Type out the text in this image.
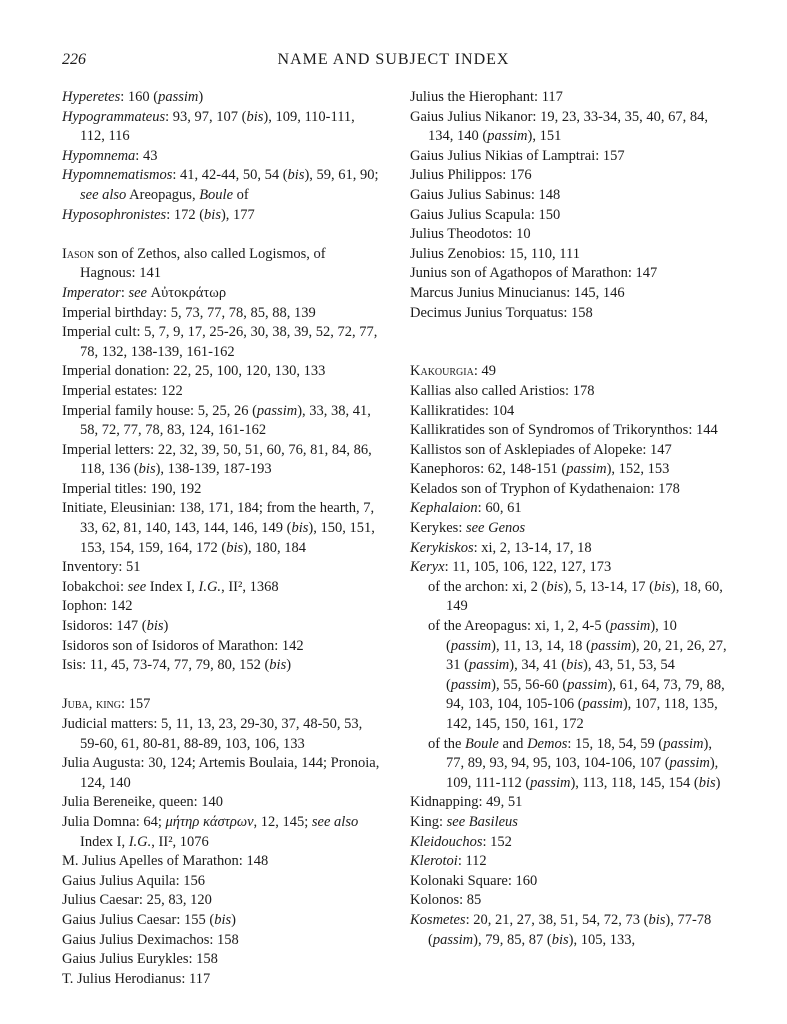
226	NAME AND SUBJECT INDEX
Hyperetes: 160 (passim)
Hypogrammateus: 93, 97, 107 (bis), 109, 110-111, 112, 116
Hypomnema: 43
Hypomnematismos: 41, 42-44, 50, 54 (bis), 59, 61, 90; see also Areopagus, Boule of
Hyposophronistes: 172 (bis), 177
Iason son of Zethos, also called Logismos, of Hagnous: 141
Imperator: see Αὐτοκράτωρ
Imperial birthday: 5, 73, 77, 78, 85, 88, 139
Imperial cult: 5, 7, 9, 17, 25-26, 30, 38, 39, 52, 72, 77, 78, 132, 138-139, 161-162
Imperial donation: 22, 25, 100, 120, 130, 133
Imperial estates: 122
Imperial family house: 5, 25, 26 (passim), 33, 38, 41, 58, 72, 77, 78, 83, 124, 161-162
Imperial letters: 22, 32, 39, 50, 51, 60, 76, 81, 84, 86, 118, 136 (bis), 138-139, 187-193
Imperial titles: 190, 192
Initiate, Eleusinian: 138, 171, 184; from the hearth, 7, 33, 62, 81, 140, 143, 144, 146, 149 (bis), 150, 151, 153, 154, 159, 164, 172 (bis), 180, 184
Inventory: 51
Iobakchoi: see Index I, I.G., II², 1368
Iophon: 142
Isidoros: 147 (bis)
Isidoros son of Isidoros of Marathon: 142
Isis: 11, 45, 73-74, 77, 79, 80, 152 (bis)
Juba, king: 157
Judicial matters: 5, 11, 13, 23, 29-30, 37, 48-50, 53, 59-60, 61, 80-81, 88-89, 103, 106, 133
Julia Augusta: 30, 124; Artemis Boulaia, 144; Pronoia, 124, 140
Julia Bereneike, queen: 140
Julia Domna: 64; μήτηρ κάστρων, 12, 145; see also Index I, I.G., II², 1076
M. Julius Apelles of Marathon: 148
Gaius Julius Aquila: 156
Julius Caesar: 25, 83, 120
Gaius Julius Caesar: 155 (bis)
Gaius Julius Deximachos: 158
Gaius Julius Eurykles: 158
T. Julius Herodianus: 117
Julius the Hierophant: 117
Gaius Julius Nikanor: 19, 23, 33-34, 35, 40, 67, 84, 134, 140 (passim), 151
Gaius Julius Nikias of Lamptrai: 157
Julius Philippos: 176
Gaius Julius Sabinus: 148
Gaius Julius Scapula: 150
Julius Theodotos: 10
Julius Zenobios: 15, 110, 111
Junius son of Agathopos of Marathon: 147
Marcus Junius Minucianus: 145, 146
Decimus Junius Torquatus: 158
Kakourgia: 49
Kallias also called Aristios: 178
Kallikratides: 104
Kallikratides son of Syndromos of Trikorynthos: 144
Kallistos son of Asklepiades of Alopeke: 147
Kanephoros: 62, 148-151 (passim), 152, 153
Kelados son of Tryphon of Kydathenaion: 178
Kephalaion: 60, 61
Kerykes: see Genos
Kerykiskos: xi, 2, 13-14, 17, 18
Keryx: 11, 105, 106, 122, 127, 173
of the archon: xi, 2 (bis), 5, 13-14, 17 (bis), 18, 60, 149
of the Areopagus: xi, 1, 2, 4-5 (passim), 10 (passim), 11, 13, 14, 18 (passim), 20, 21, 26, 27, 31 (passim), 34, 41 (bis), 43, 51, 53, 54 (passim), 55, 56-60 (passim), 61, 64, 73, 79, 88, 94, 103, 104, 105-106 (passim), 107, 118, 135, 142, 145, 150, 161, 172
of the Boule and Demos: 15, 18, 54, 59 (passim), 77, 89, 93, 94, 95, 103, 104-106, 107 (passim), 109, 111-112 (passim), 113, 118, 145, 154 (bis)
Kidnapping: 49, 51
King: see Basileus
Kleidouchos: 152
Klerotoi: 112
Kolonaki Square: 160
Kolonos: 85
Kosmetes: 20, 21, 27, 38, 51, 54, 72, 73 (bis), 77-78 (passim), 79, 85, 87 (bis), 105, 133,
